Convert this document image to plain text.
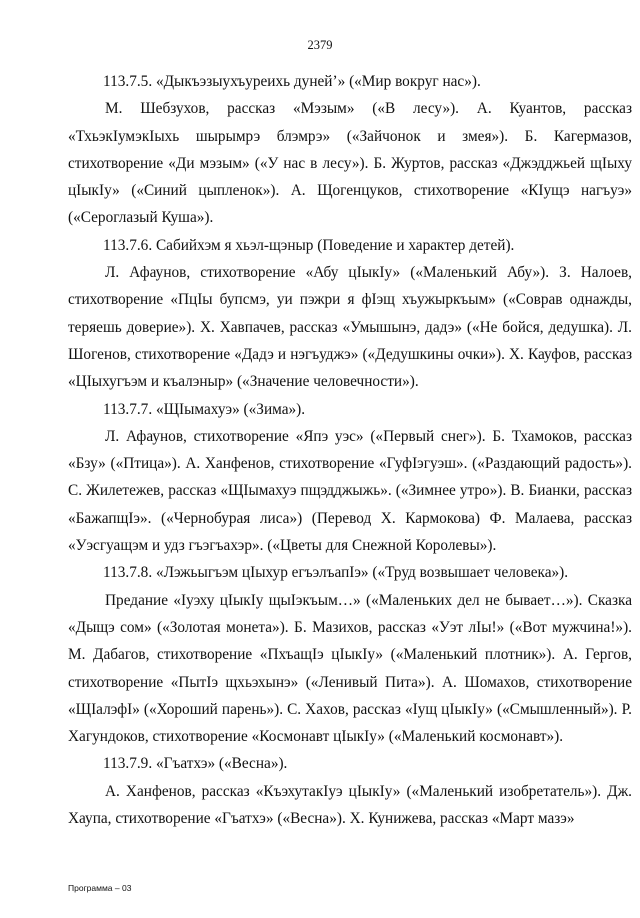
2379

113.7.5. «Дыкъэзыухъуреихь дунейʼ» («Мир вокруг нас»).

М. Шебзухов, рассказ «Мэзым» («В лесу»). А. Куантов, рассказ «ТхьэкӀумэкӀыхь шырымрэ блэмрэ» («Зайчонок и змея»). Б. Кагермазов, стихотворение «Ди мэзым» («У нас в лесу»). Б. Журтов, рассказ «Джэдджьей щӀыху цӀыкӀу» («Синий цыпленок»). А. Щогенцуков, стихотворение «КӀущэ нагъуэ» («Сероглазый Куша»).

113.7.6. Сабийхэм я хьэл-щэныр (Поведение и характер детей).

Л. Афаунов, стихотворение «Абу цӀыкӀу» («Маленький Абу»). З. Налоев, стихотворение «ПцӀы бупсмэ, уи пэжри я фӀэщ хъужыркъым» («Соврав однажды, теряешь доверие»). Х. Хавпачев, рассказ «Умышынэ, дадэ» («Не бойся, дедушка). Л. Шогенов, стихотворение «Дадэ и нэгъуджэ» («Дедушкины очки»). Х. Кауфов, рассказ «ЦӀыхугъэм и къалэныр» («Значение человечности»).

113.7.7. «ЩӀымахуэ» («Зима»).

Л. Афаунов, стихотворение «Япэ уэс» («Первый снег»). Б. Тхамоков, рассказ «Бзу» («Птица»). А. Ханфенов, стихотворение «ГуфӀэгуэш». («Раздающий радость»). С. Жилетежев, рассказ «ЩӀымахуэ пщэдджыжь». («Зимнее утро»). В. Бианки, рассказ «БажапщӀэ». («Чернобурая лиса») (Перевод Х. Кармокова) Ф. Малаева, рассказ «Уэсгуащэм и удз гъэгъахэр». («Цветы для Снежной Королевы»).

113.7.8. «Лэжьыгъэм цӀыхур егъэлъапӀэ» («Труд возвышает человека»).

Предание «Іуэху цӀыкӀу щыӀэкъым…» («Маленьких дел не бывает…»). Сказка «Дыщэ сом» («Золотая монета»). Б. Мазихов, рассказ «Уэт лӀы!» («Вот мужчина!»). М. Дабагов, стихотворение «ПхъащӀэ цӀыкӀу» («Маленький плотник»). А. Гергов, стихотворение «ПытӀэ щхьэхынэ» («Ленивый Пита»). А. Шомахов, стихотворение «ЩӀалэфӀ» («Хороший парень»). С. Хахов, рассказ «Іущ цӀыкӀу» («Смышленный»). Р. Хагундоков, стихотворение «Космонавт цӀыкӀу» («Маленький космонавт»).

113.7.9. «Гъатхэ» («Весна»).

А. Ханфенов, рассказ «КъэхутакӀуэ цӀыкӀу» («Маленький изобретатель»). Дж. Хаупа, стихотворение «Гъатхэ» («Весна»). Х. Кунижева, рассказ «Март мазэ»

Программа – 03
